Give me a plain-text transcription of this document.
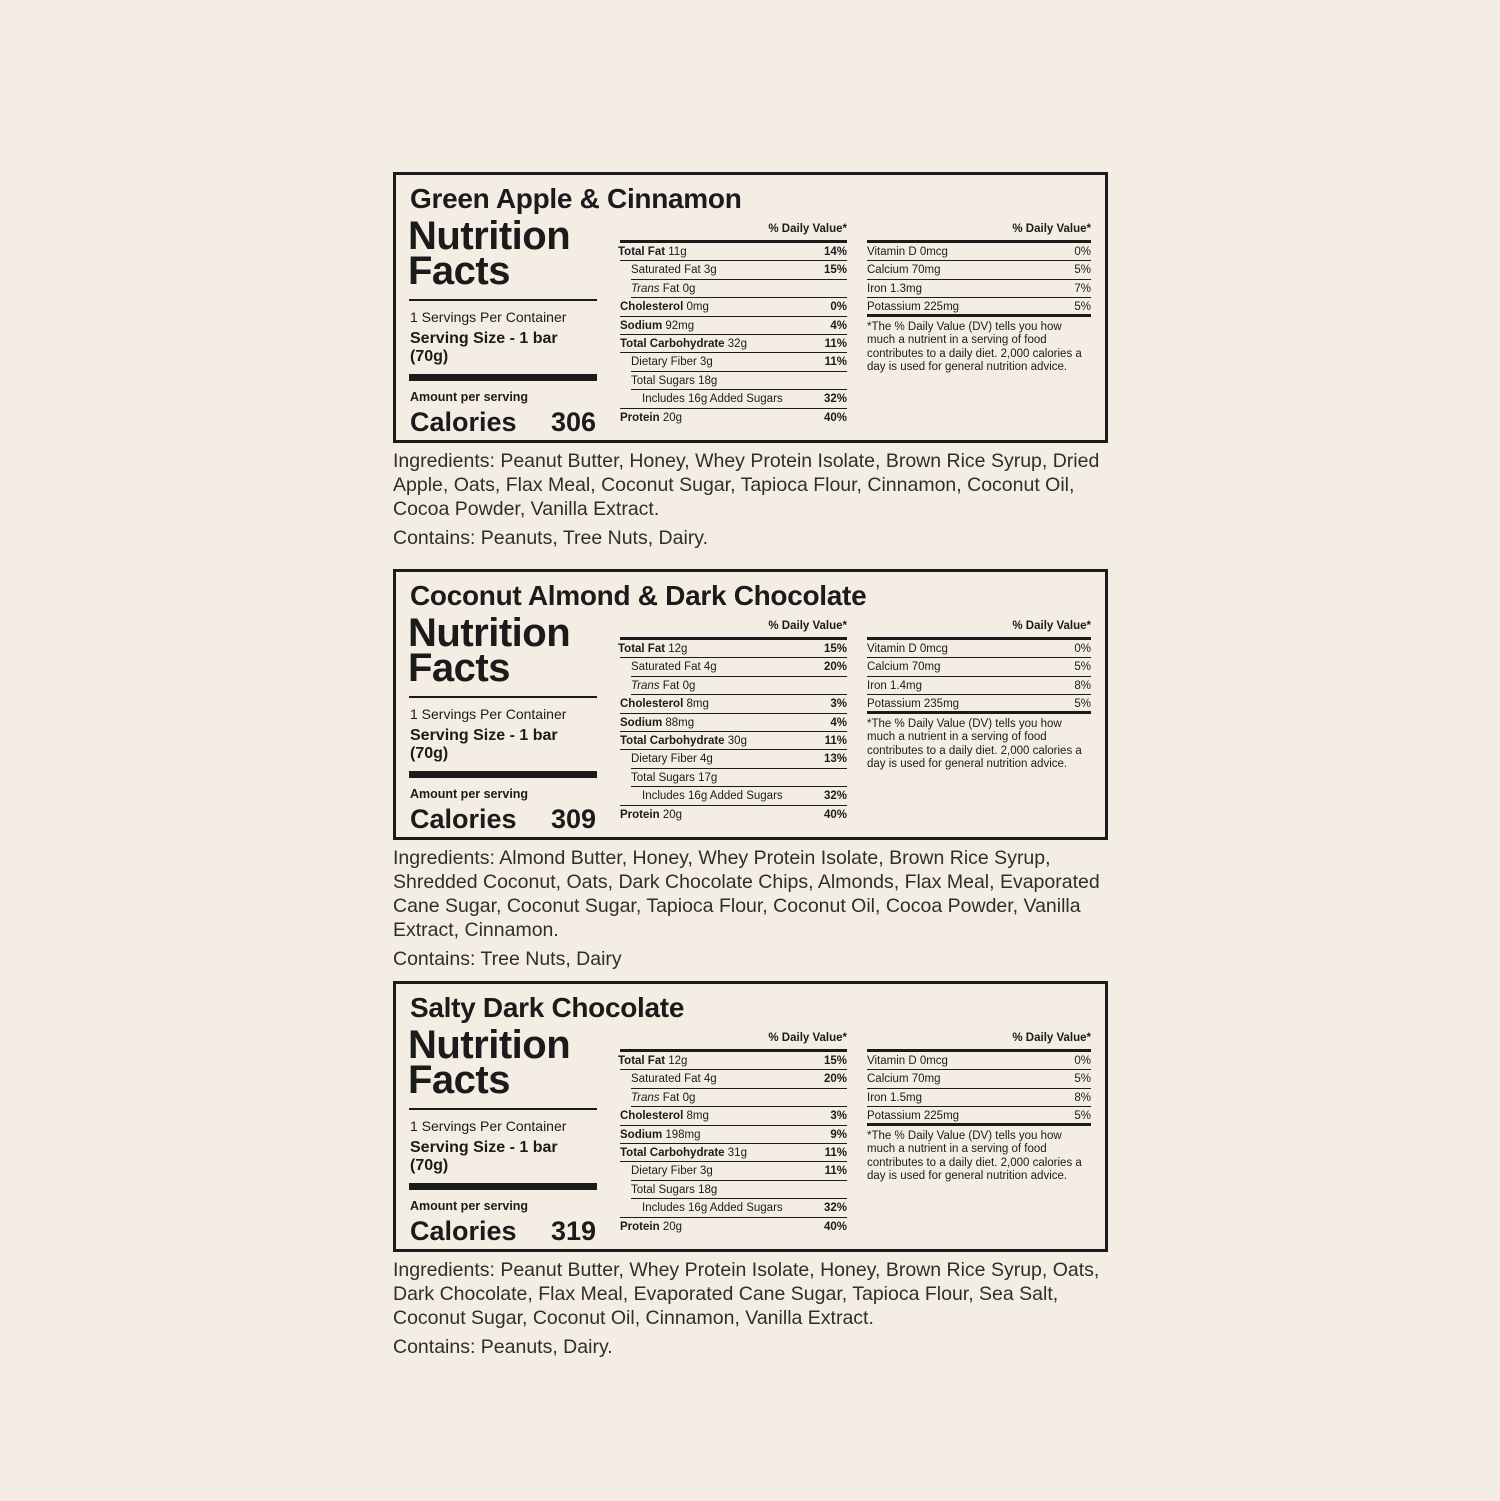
Green Apple & Cinnamon
Nutrition
Facts
1 Servings Per Container
Serving Size - 1 bar (70g)
Amount per serving
Calories 306
% Daily Value*
Total Fat 11g	14%
Saturated Fat 3g	15%
Trans Fat 0g
Cholesterol 0mg	0%
Sodium 92mg	4%
Total Carbohydrate 32g	11%
Dietary Fiber 3g	11%
Total Sugars 18g
Includes 16g Added Sugars	32%
Protein 20g	40%
% Daily Value*
Vitamin D 0mcg	0%
Calcium 70mg	5%
Iron 1.3mg	7%
Potassium 225mg	5%
*The % Daily Value (DV) tells you how much a nutrient in a serving of food contributes to a daily diet. 2,000 calories a day is used for general nutrition advice.
Ingredients: Peanut Butter, Honey, Whey Protein Isolate, Brown Rice Syrup, Dried Apple, Oats, Flax Meal, Coconut Sugar, Tapioca Flour, Cinnamon, Coconut Oil, Cocoa Powder, Vanilla Extract.
Contains: Peanuts, Tree Nuts, Dairy.
Coconut Almond & Dark Chocolate
Nutrition
Facts
1 Servings Per Container
Serving Size - 1 bar (70g)
Amount per serving
Calories 309
% Daily Value*
Total Fat 12g	15%
Saturated Fat 4g	20%
Trans Fat 0g
Cholesterol 8mg	3%
Sodium 88mg	4%
Total Carbohydrate 30g	11%
Dietary Fiber 4g	13%
Total Sugars 17g
Includes 16g Added Sugars	32%
Protein 20g	40%
% Daily Value*
Vitamin D 0mcg	0%
Calcium 70mg	5%
Iron 1.4mg	8%
Potassium 235mg	5%
*The % Daily Value (DV) tells you how much a nutrient in a serving of food contributes to a daily diet. 2,000 calories a day is used for general nutrition advice.
Ingredients: Almond Butter, Honey, Whey Protein Isolate, Brown Rice Syrup, Shredded Coconut, Oats, Dark Chocolate Chips, Almonds, Flax Meal, Evaporated Cane Sugar, Coconut Sugar, Tapioca Flour, Coconut Oil, Cocoa Powder, Vanilla Extract, Cinnamon.
Contains: Tree Nuts, Dairy
Salty Dark Chocolate
Nutrition
Facts
1 Servings Per Container
Serving Size - 1 bar (70g)
Amount per serving
Calories 319
% Daily Value*
Total Fat 12g	15%
Saturated Fat 4g	20%
Trans Fat 0g
Cholesterol 8mg	3%
Sodium 198mg	9%
Total Carbohydrate 31g	11%
Dietary Fiber 3g	11%
Total Sugars 18g
Includes 16g Added Sugars	32%
Protein 20g	40%
% Daily Value*
Vitamin D 0mcg	0%
Calcium 70mg	5%
Iron 1.5mg	8%
Potassium 225mg	5%
*The % Daily Value (DV) tells you how much a nutrient in a serving of food contributes to a daily diet. 2,000 calories a day is used for general nutrition advice.
Ingredients: Peanut Butter, Whey Protein Isolate, Honey, Brown Rice Syrup, Oats, Dark Chocolate, Flax Meal, Evaporated Cane Sugar, Tapioca Flour, Sea Salt, Coconut Sugar, Coconut Oil, Cinnamon, Vanilla Extract.
Contains: Peanuts, Dairy.
